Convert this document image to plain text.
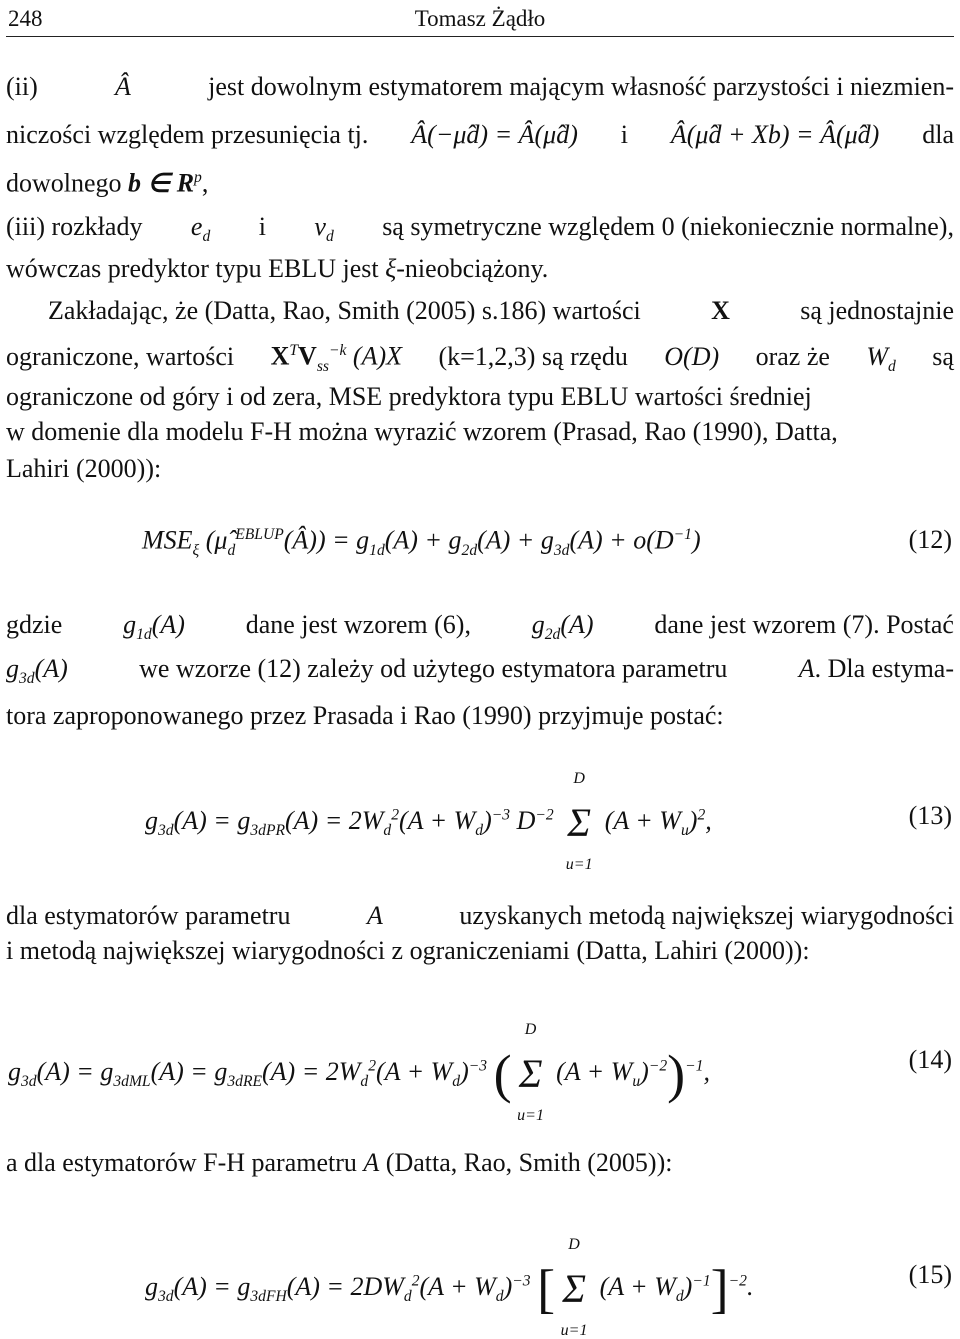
248	Tomasz Żądło
(ii)	Â	jest dowolnym estymatorem mającym własność parzystości i niezmien-
niczości względem przesunięcia tj. Â(−μ̂d) = Â(μ̂d) i Â(μ̂d + Xb) = Â(μ̂d) dla
dowolnego b ∈ $R^p$,
(iii) rozkłady $e_d$ i $v_d$ są symetryczne względem 0 (niekoniecznie normalne),
wówczas predyktor typu EBLU jest ξ-nieobciążony.
Zakładając, że (Datta, Rao, Smith (2005) s.186) wartości	X	są jednostajnie
ograniczone, wartości $X^TV_{ss}^{-k}$ (A)X (k=1,2,3) są rzędu O(D) oraz że $W_d$ są
ograniczone od góry i od zera, MSE predyktora typu EBLU wartości średniej
w domenie dla modelu F-H można wyrazić wzorem (Prasad, Rao (1990), Datta,
Lahiri (2000)):
$MSE_\xi$ $(\mû_d^{EBLUP}(Â)) = g_{1d}(A) + g_{2d}(A) + g_{3d}(A) + o(D^{-1})$	(12)
gdzie $g_{1d}(A)$ dane jest wzorem (6), $g_{2d}(A)$ dane jest wzorem (7). Postać
$g_{3d}(A)$	we wzorze (12) zależy od użytego estymatora parametru	A. Dla estyma-
tora zaproponowanego przez Prasada i Rao (1990) przyjmuje postać:
$g_{3d}(A) = g_{3dPR}(A) = 2W_d^2(A + W_d)^{-3}$ $D^{-2}$
D
Σ
u=1
$(A + W_u)^2$,	(13)
dla estymatorów parametru	A	uzyskanych metodą największej wiarygodności
i metodą największej wiarygodności z ograniczeniami (Datta, Lahiri (2000)):
$g_{3d}(A) = g_{3dML}(A) = g_{3dRE}(A) = 2W_d^2(A + W_d)^{-3}$ (
D
Σ
u=1
$(A + W_u)^{-2})^{-1}$,	(14)
a dla estymatorów F-H parametru A (Datta, Rao, Smith (2005)):
$g_{3d}(A) = g_{3dFH}(A) = 2DW_d^2(A + W_d)^{-3}$ [
D
Σ
u=1
$(A + W_d)^{-1}]^{-2}$.	(15)
